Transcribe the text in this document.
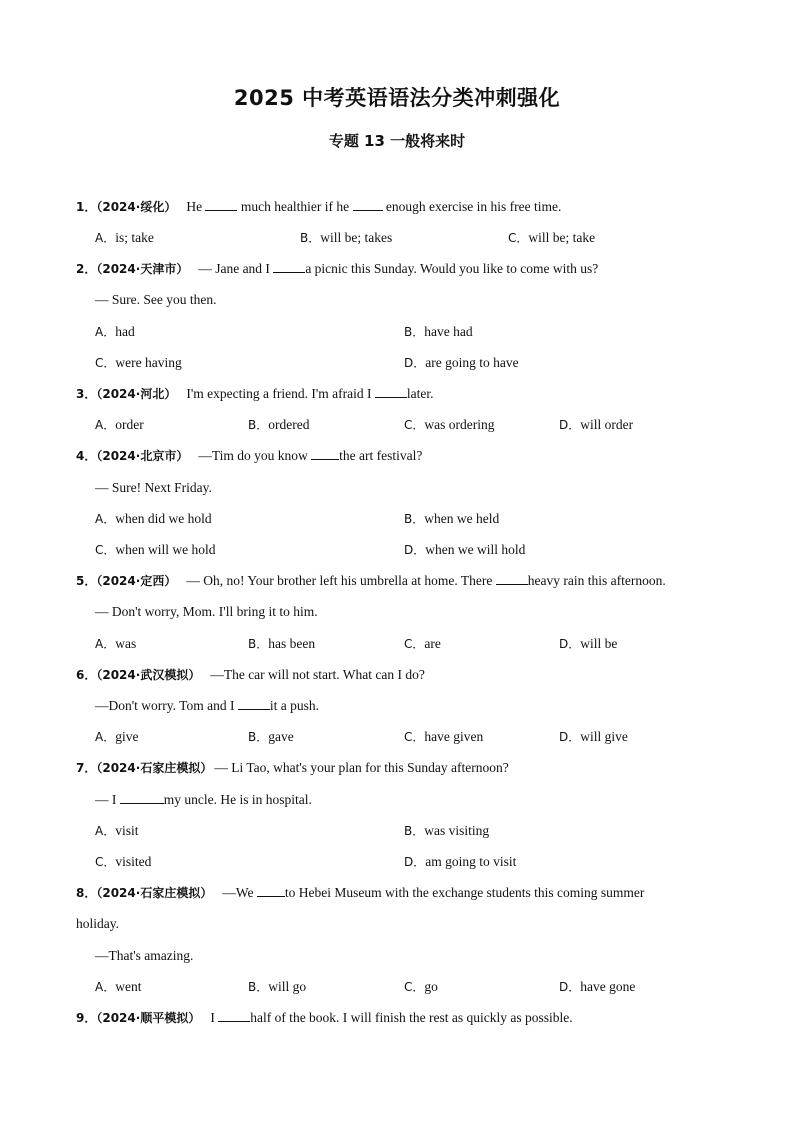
2025 中考英语语法分类冲刺强化
专题 13 一般将来时
1．（2024·绥化） He	much healthier if he  enough exercise in his free time.
A．is; take	B．will be; takes	C．will be; take
2．（2024·天津市） — Jane and I a picnic this Sunday. Would you like to come with us?
— Sure. See you then.
A．had	B．have had
C．were having	D．are going to have
3．（2024·河北） I'm expecting a friend. I'm afraid I later.
A．order	B．ordered	C．was ordering	D．will order
4．（2024·北京市） —Tim do you know the art festival?
— Sure! Next Friday.
A．when did we hold	B．when we held
C．when will we hold	D．when we will hold
5．（2024·定西） — Oh, no! Your brother left his umbrella at home. There heavy rain this afternoon.
— Don't worry, Mom. I'll bring it to him.
A．was	B．has been	C．are	D．will be
6．（2024·武汉模拟） —The car will not start. What can I do?
—Don't worry. Tom and I it a push.
A．give	B．gave	C．have given	D．will give
7．（2024·石家庄模拟） — Li Tao, what's your plan for this Sunday afternoon?
— I	my uncle. He is in hospital.
A．visit	B．was visiting
C．visited	D．am going to visit
8．（2024·石家庄模拟） —We to Hebei Museum with the exchange students this coming summer
holiday.
—That's amazing.
A．went	B．will go	C．go	D．have gone
9．（2024·顺平模拟） I half of the book. I will finish the rest as quickly as possible.
